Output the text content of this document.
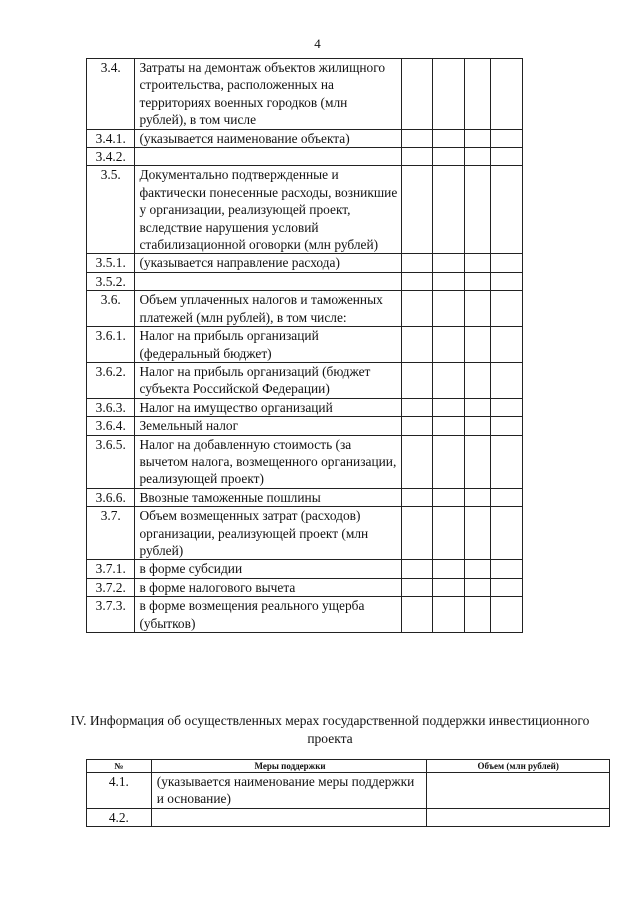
4
3.4.	Затраты на демонтаж объектов жилищного строительства, расположенных на территориях военных городков (млн рублей), в том числе				
3.4.1.	(указывается наименование объекта)				
3.4.2.					
3.5.	Документально подтвержденные и фактически понесенные расходы, возникшие у организации, реализующей проект, вследствие нарушения условий стабилизационной оговорки (млн рублей)				
3.5.1.	(указывается направление расхода)				
3.5.2.					
3.6.	Объем уплаченных налогов и таможенных платежей (млн рублей), в том числе:				
3.6.1.	Налог на прибыль организаций (федеральный бюджет)				
3.6.2.	Налог на прибыль организаций (бюджет субъекта Российской Федерации)				
3.6.3.	Налог на имущество организаций				
3.6.4.	Земельный налог				
3.6.5.	Налог на добавленную стоимость (за вычетом налога, возмещенного организации, реализующей проект)				
3.6.6.	Ввозные таможенные пошлины				
3.7.	Объем возмещенных затрат (расходов) организации, реализующей проект (млн рублей)				
3.7.1.	в форме субсидии				
3.7.2.	в форме налогового вычета				
3.7.3.	в форме возмещения реального ущерба (убытков)				
IV. Информация об осуществленных мерах государственной поддержки инвестиционного проекта
№	Меры поддержки	Объем (млн рублей)
4.1.	(указывается наименование меры поддержки и основание)	
4.2.		
